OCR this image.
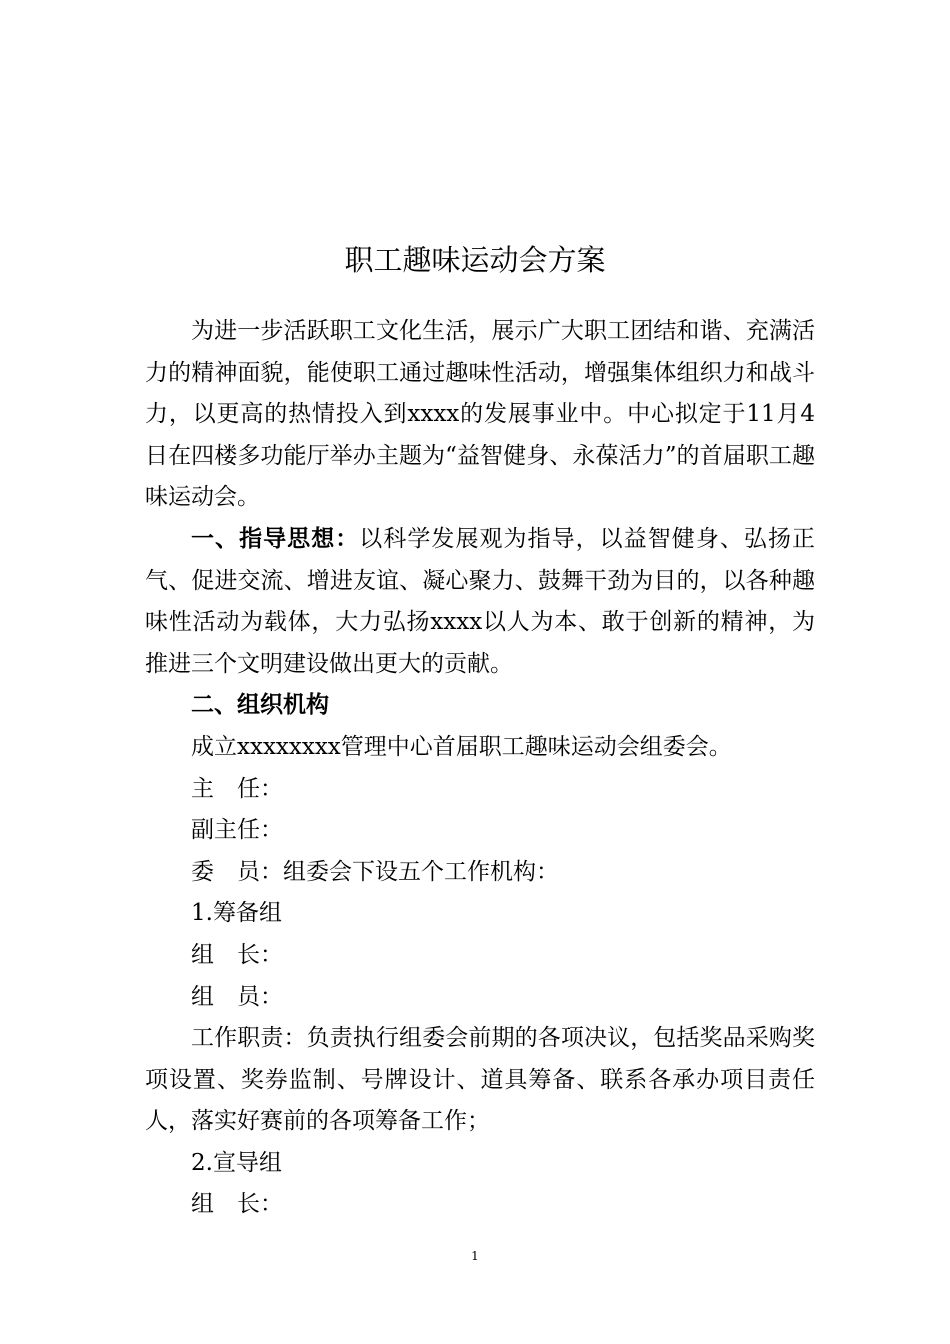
职工趣味运动会方案

为进一步活跃职工文化生活，展示广大职工团结和谐、充满活力的精神面貌，能使职工通过趣味性活动，增强集体组织力和战斗力，以更高的热情投入到xxxx的发展事业中。中心拟定于11月4日在四楼多功能厅举办主题为“益智健身、永葆活力”的首届职工趣味运动会。

一、指导思想：以科学发展观为指导，以益智健身、弘扬正气、促进交流、增进友谊、凝心聚力、鼓舞干劲为目的，以各种趣味性活动为载体，大力弘扬xxxx以人为本、敢于创新的精神，为推进三个文明建设做出更大的贡献。

二、组织机构

成立xxxxxxxx管理中心首届职工趣味运动会组委会。

主　任：

副主任：

委　员：组委会下设五个工作机构：

1.筹备组

组　长：

组　员：

工作职责：负责执行组委会前期的各项决议，包括奖品采购奖项设置、奖券监制、号牌设计、道具筹备、联系各承办项目责任人，落实好赛前的各项筹备工作；

2.宣导组

组　长：

1
